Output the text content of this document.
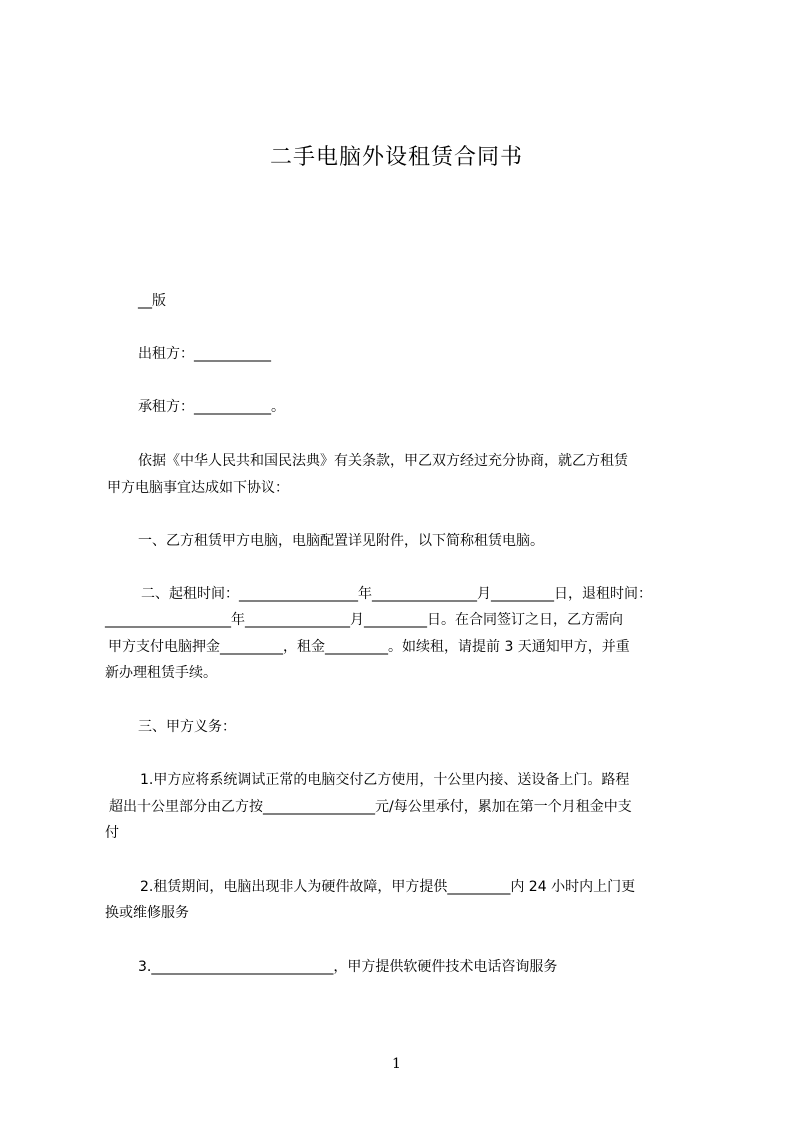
二手电脑外设租赁合同书
__版
出租方：___________
承租方：___________。
依据《中华人民共和国民法典》有关条款，甲乙双方经过充分协商，就乙方租赁
甲方电脑事宜达成如下协议：
一、乙方租赁甲方电脑，电脑配置详见附件，以下简称租赁电脑。
二、起租时间：_________________年_______________月_________日，退租时间：
__________________年_______________月_________日。在合同签订之日，乙方需向
甲方支付电脑押金_________，租金_________。如续租，请提前 3 天通知甲方，并重
新办理租赁手续。
三、甲方义务：
1.甲方应将系统调试正常的电脑交付乙方使用，十公里内接、送设备上门。路程
超出十公里部分由乙方按________________元/每公里承付，累加在第一个月租金中支
付
2.租赁期间，电脑出现非人为硬件故障，甲方提供_________内 24 小时内上门更
换或维修服务
3.__________________________，甲方提供软硬件技术电话咨询服务
1
